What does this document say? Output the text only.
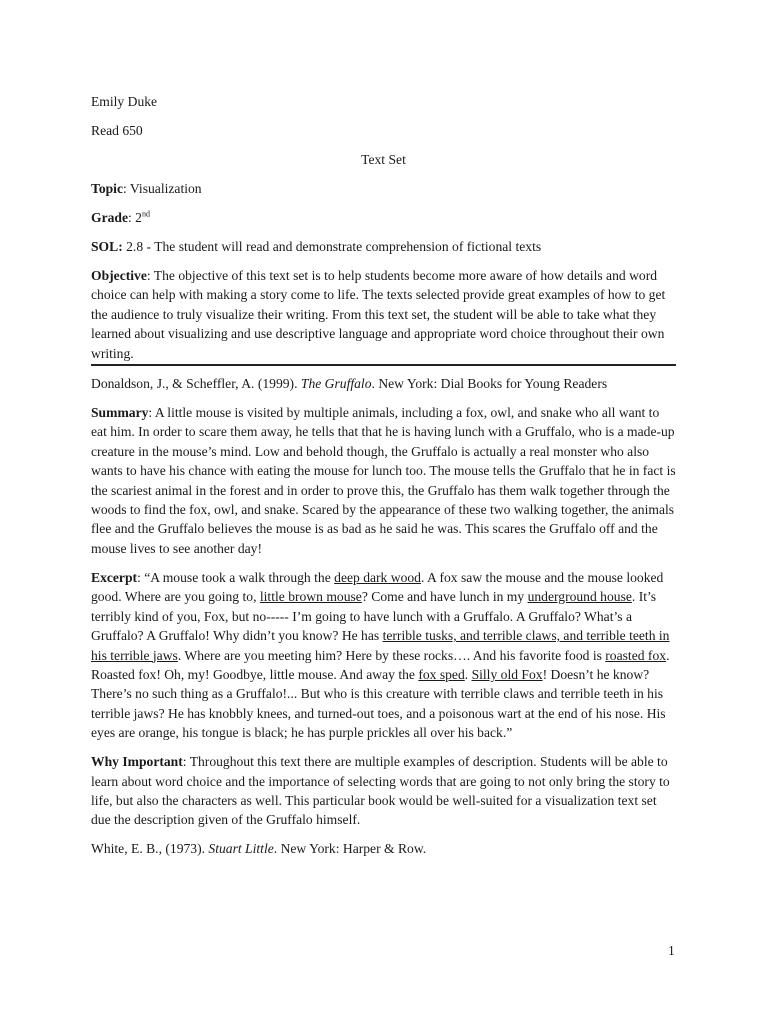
Emily Duke
Read 650
Text Set
Topic: Visualization
Grade: 2nd
SOL: 2.8 - The student will read and demonstrate comprehension of fictional texts

Objective: The objective of this text set is to help students become more aware of how details and word choice can help with making a story come to life. The texts selected provide great examples of how to get the audience to truly visualize their writing. From this text set, the student will be able to take what they learned about visualizing and use descriptive language and appropriate word choice throughout their own writing.

Donaldson, J., & Scheffler, A. (1999). The Gruffalo. New York: Dial Books for Young Readers

Summary: A little mouse is visited by multiple animals, including a fox, owl, and snake who all want to eat him. In order to scare them away, he tells that that he is having lunch with a Gruffalo, who is a made-up creature in the mouse’s mind. Low and behold though, the Gruffalo is actually a real monster who also wants to have his chance with eating the mouse for lunch too. The mouse tells the Gruffalo that he in fact is the scariest animal in the forest and in order to prove this, the Gruffalo has them walk together through the woods to find the fox, owl, and snake. Scared by the appearance of these two walking together, the animals flee and the Gruffalo believes the mouse is as bad as he said he was. This scares the Gruffalo off and the mouse lives to see another day!

Excerpt: “A mouse took a walk through the deep dark wood. A fox saw the mouse and the mouse looked good. Where are you going to, little brown mouse? Come and have lunch in my underground house. It’s terribly kind of you, Fox, but no----- I’m going to have lunch with a Gruffalo. A Gruffalo? What’s a Gruffalo? A Gruffalo! Why didn’t you know? He has terrible tusks, and terrible claws, and terrible teeth in his terrible jaws. Where are you meeting him? Here by these rocks…. And his favorite food is roasted fox. Roasted fox! Oh, my! Goodbye, little mouse. And away the fox sped. Silly old Fox! Doesn’t he know? There’s no such thing as a Gruffalo!... But who is this creature with terrible claws and terrible teeth in his terrible jaws? He has knobbly knees, and turned-out toes, and a poisonous wart at the end of his nose. His eyes are orange, his tongue is black; he has purple prickles all over his back.”

Why Important: Throughout this text there are multiple examples of description. Students will be able to learn about word choice and the importance of selecting words that are going to not only bring the story to life, but also the characters as well. This particular book would be well-suited for a visualization text set due the description given of the Gruffalo himself.

White, E. B., (1973). Stuart Little. New York: Harper & Row.
1
